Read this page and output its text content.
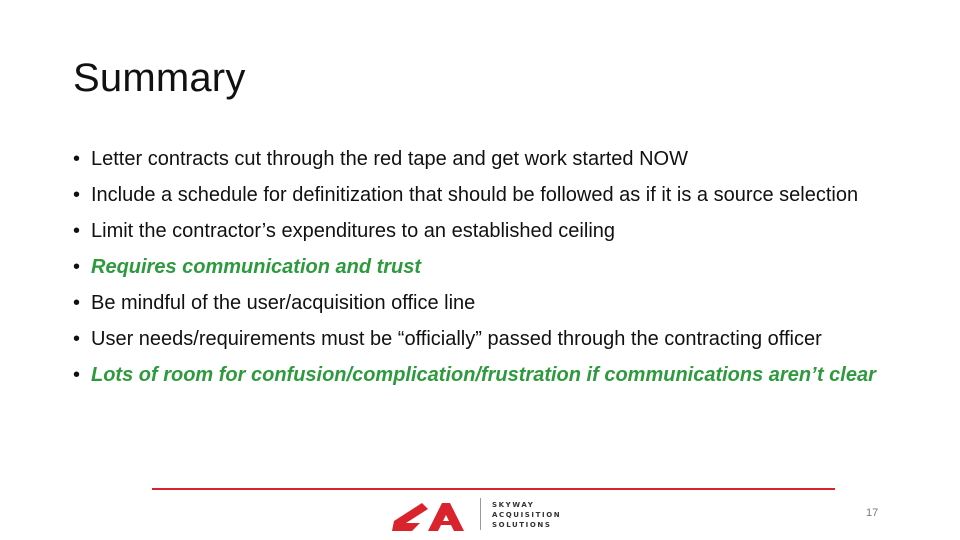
Summary
• Letter contracts cut through the red tape and get work started NOW
• Include a schedule for definitization that should be followed as if it is a source selection
• Limit the contractor’s expenditures to an established ceiling
• Requires communication and trust
• Be mindful of the user/acquisition office line
• User needs/requirements must be “officially” passed through the contracting officer
• Lots of room for confusion/complication/frustration if communications aren’t clear
SKYWAY
ACQUISITION
SOLUTIONS
17
